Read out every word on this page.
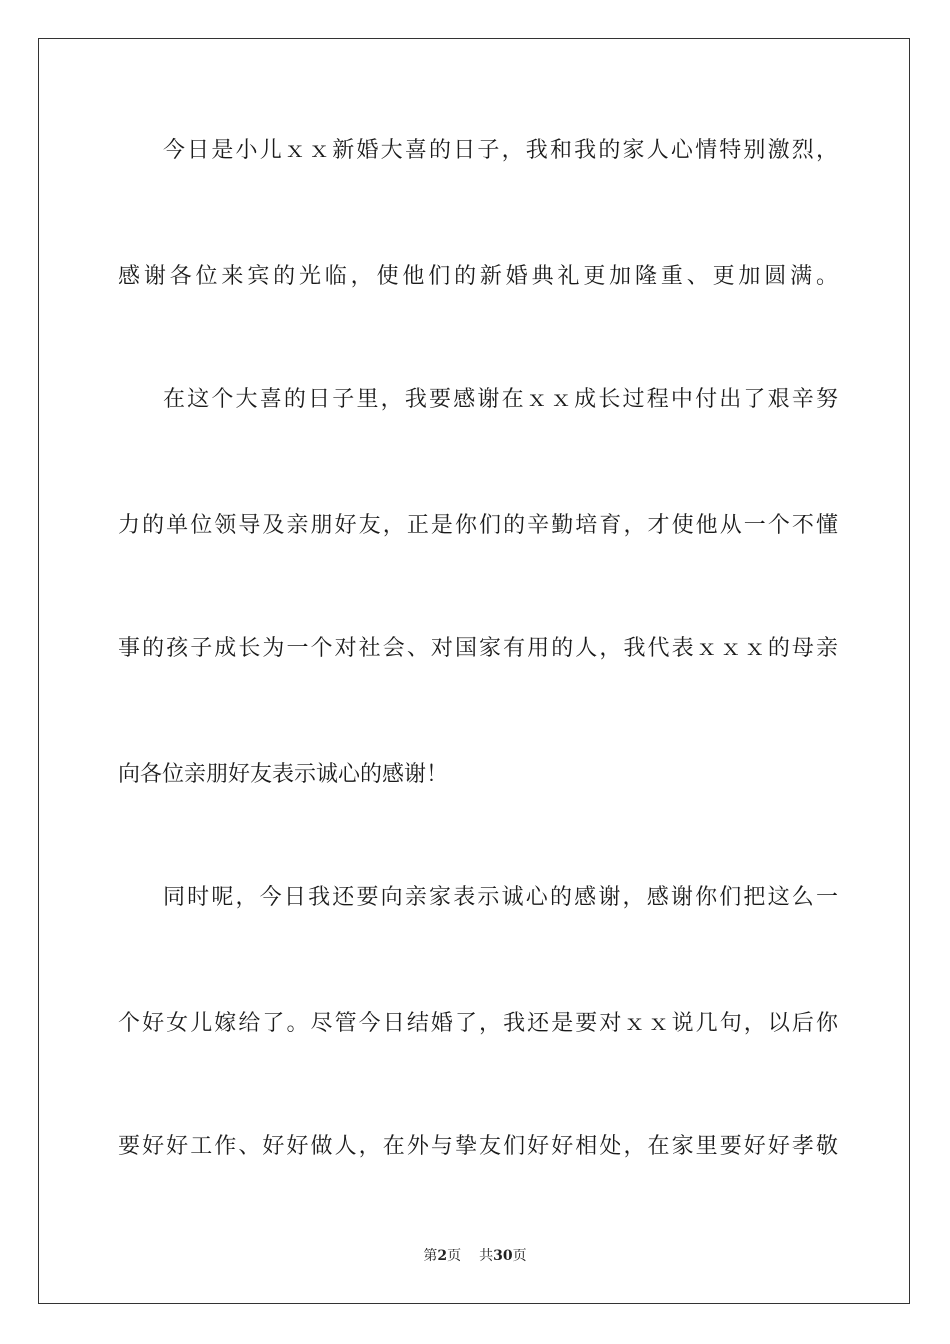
今日是小儿ｘｘ新婚大喜的日子，我和我的家人心情特别激烈，
感谢各位来宾的光临，使他们的新婚典礼更加隆重、更加圆满。
在这个大喜的日子里，我要感谢在ｘｘ成长过程中付出了艰辛努
力的单位领导及亲朋好友，正是你们的辛勤培育，才使他从一个不懂
事的孩子成长为一个对社会、对国家有用的人，我代表ｘｘｘ的母亲
向各位亲朋好友表示诚心的感谢！
同时呢，今日我还要向亲家表示诚心的感谢，感谢你们把这么一
个好女儿嫁给了。尽管今日结婚了，我还是要对ｘｘ说几句，以后你
要好好工作、好好做人，在外与挚友们好好相处，在家里要好好孝敬
第2页 共30页
